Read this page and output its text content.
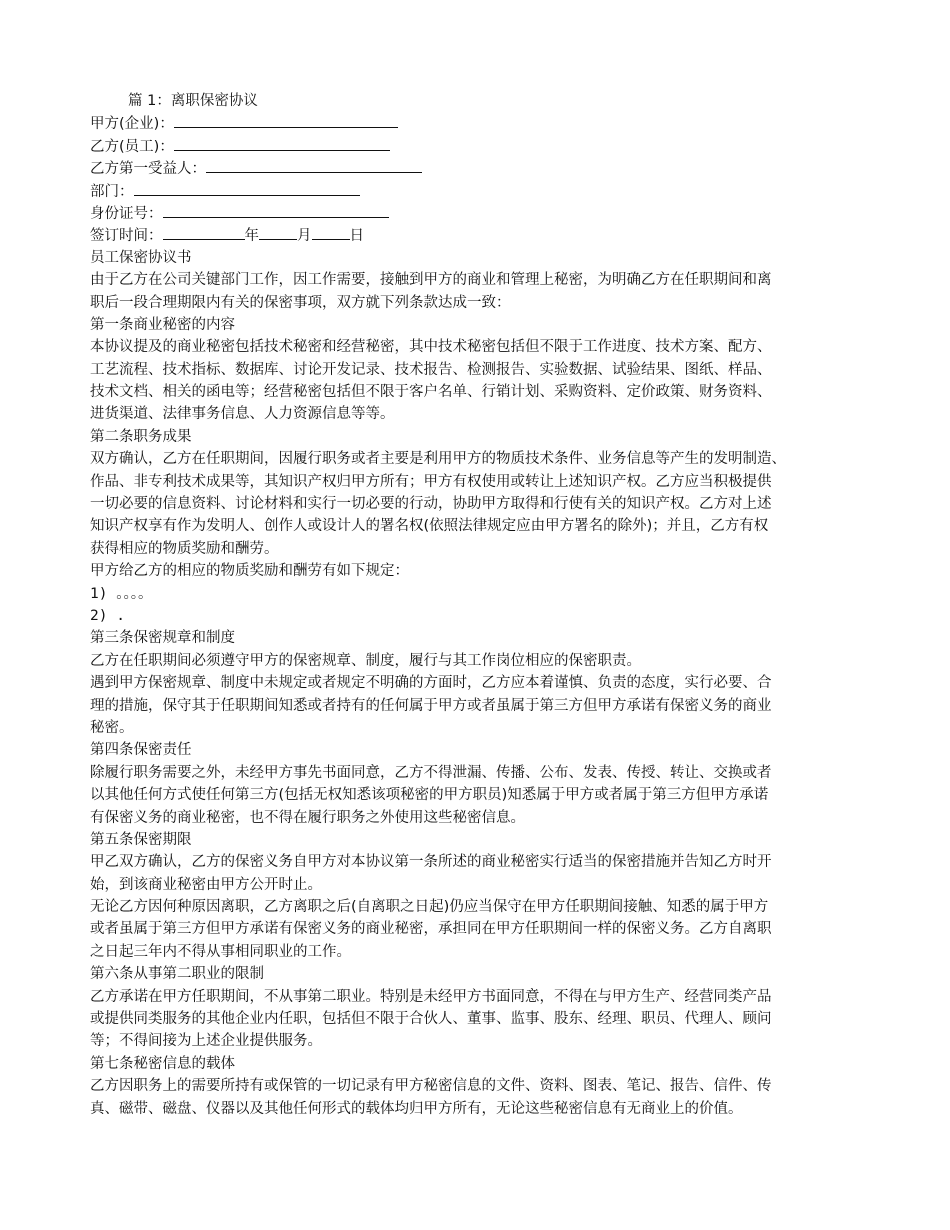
篇 1：离职保密协议
甲方(企业)：
乙方(员工)：
乙方第一受益人：
部门：
身份证号：
签订时间：	年	月	日
员工保密协议书
由于乙方在公司关键部门工作，因工作需要，接触到甲方的商业和管理上秘密，为明确乙方在任职期间和离
职后一段合理期限内有关的保密事项，双方就下列条款达成一致：
第一条商业秘密的内容
本协议提及的商业秘密包括技术秘密和经营秘密，其中技术秘密包括但不限于工作进度、技术方案、配方、
工艺流程、技术指标、数据库、讨论开发记录、技术报告、检测报告、实验数据、试验结果、图纸、样品、
技术文档、相关的函电等；经营秘密包括但不限于客户名单、行销计划、采购资料、定价政策、财务资料、
进货渠道、法律事务信息、人力资源信息等等。
第二条职务成果
双方确认，乙方在任职期间，因履行职务或者主要是利用甲方的物质技术条件、业务信息等产生的发明制造、
作品、非专利技术成果等，其知识产权归甲方所有；甲方有权使用或转让上述知识产权。乙方应当积极提供
一切必要的信息资料、讨论材料和实行一切必要的行动，协助甲方取得和行使有关的知识产权。乙方对上述
知识产权享有作为发明人、创作人或设计人的署名权(依照法律规定应由甲方署名的除外)；并且，乙方有权
获得相应的物质奖励和酬劳。
甲方给乙方的相应的物质奖励和酬劳有如下规定：
1) 。。。。
2) .
第三条保密规章和制度
乙方在任职期间必须遵守甲方的保密规章、制度，履行与其工作岗位相应的保密职责。
遇到甲方保密规章、制度中未规定或者规定不明确的方面时，乙方应本着谨慎、负责的态度，实行必要、合
理的措施，保守其于任职期间知悉或者持有的任何属于甲方或者虽属于第三方但甲方承诺有保密义务的商业
秘密。
第四条保密责任
除履行职务需要之外，未经甲方事先书面同意，乙方不得泄漏、传播、公布、发表、传授、转让、交换或者
以其他任何方式使任何第三方(包括无权知悉该项秘密的甲方职员)知悉属于甲方或者属于第三方但甲方承诺
有保密义务的商业秘密，也不得在履行职务之外使用这些秘密信息。
第五条保密期限
甲乙双方确认，乙方的保密义务自甲方对本协议第一条所述的商业秘密实行适当的保密措施并告知乙方时开
始，到该商业秘密由甲方公开时止。
无论乙方因何种原因离职，乙方离职之后(自离职之日起)仍应当保守在甲方任职期间接触、知悉的属于甲方
或者虽属于第三方但甲方承诺有保密义务的商业秘密，承担同在甲方任职期间一样的保密义务。乙方自离职
之日起三年内不得从事相同职业的工作。
第六条从事第二职业的限制
乙方承诺在甲方任职期间，不从事第二职业。特别是未经甲方书面同意，不得在与甲方生产、经营同类产品
或提供同类服务的其他企业内任职，包括但不限于合伙人、董事、监事、股东、经理、职员、代理人、顾问
等；不得间接为上述企业提供服务。
第七条秘密信息的载体
乙方因职务上的需要所持有或保管的一切记录有甲方秘密信息的文件、资料、图表、笔记、报告、信件、传
真、磁带、磁盘、仪器以及其他任何形式的载体均归甲方所有，无论这些秘密信息有无商业上的价值。
